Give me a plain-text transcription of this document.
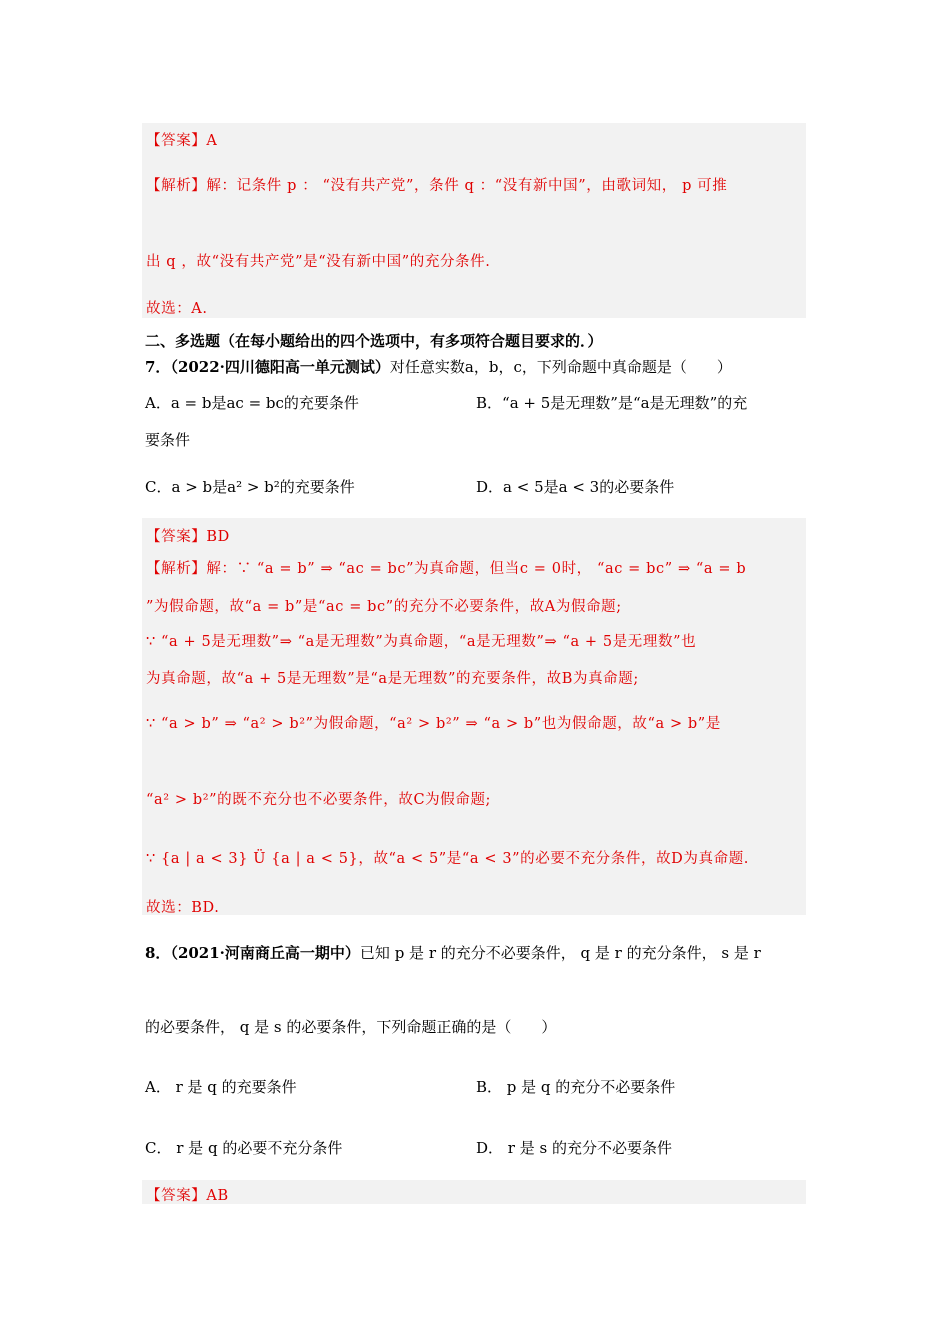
【答案】A
【解析】解：记条件 p ： “没有共产党”，条件 q ：“没有新中国”，由歌词知， p 可推
出 q ，故“没有共产党”是“没有新中国”的充分条件.
故选：A.
二、多选题（在每小题给出的四个选项中，有多项符合题目要求的．）
7．（2022·四川德阳高一单元测试）对任意实数a，b，c，下列命题中真命题是（　　）
A．a = b是ac = bc的充要条件	B．“a + 5是无理数”是“a是无理数”的充
要条件
C．a > b是a² > b²的充要条件	D．a < 5是a < 3的必要条件
【答案】BD
【解析】解：∵ “a = b” ⇒ “ac = bc”为真命题，但当c = 0时， “ac = bc” ⇒ “a = b
”为假命题，故“a = b”是“ac = bc”的充分不必要条件，故A为假命题;
∵ “a + 5是无理数”⇒ “a是无理数”为真命题，“a是无理数”⇒ “a + 5是无理数”也
为真命题，故“a + 5是无理数”是“a是无理数”的充要条件，故B为真命题;
∵ “a > b” ⇒ “a² > b²”为假命题，“a² > b²” ⇒ “a > b”也为假命题，故“a > b”是
“a² > b²”的既不充分也不必要条件，故C为假命题;
∵ {a | a < 3} Ü {a | a < 5}，故“a < 5”是“a < 3”的必要不充分条件，故D为真命题.
故选：BD.
8．（2021·河南商丘高一期中）已知 p 是 r 的充分不必要条件， q 是 r 的充分条件， s 是 r
的必要条件， q 是 s 的必要条件，下列命题正确的是（　　）
A． r 是 q 的充要条件	B． p 是 q 的充分不必要条件
C． r 是 q 的必要不充分条件	D． r 是 s 的充分不必要条件
【答案】AB
